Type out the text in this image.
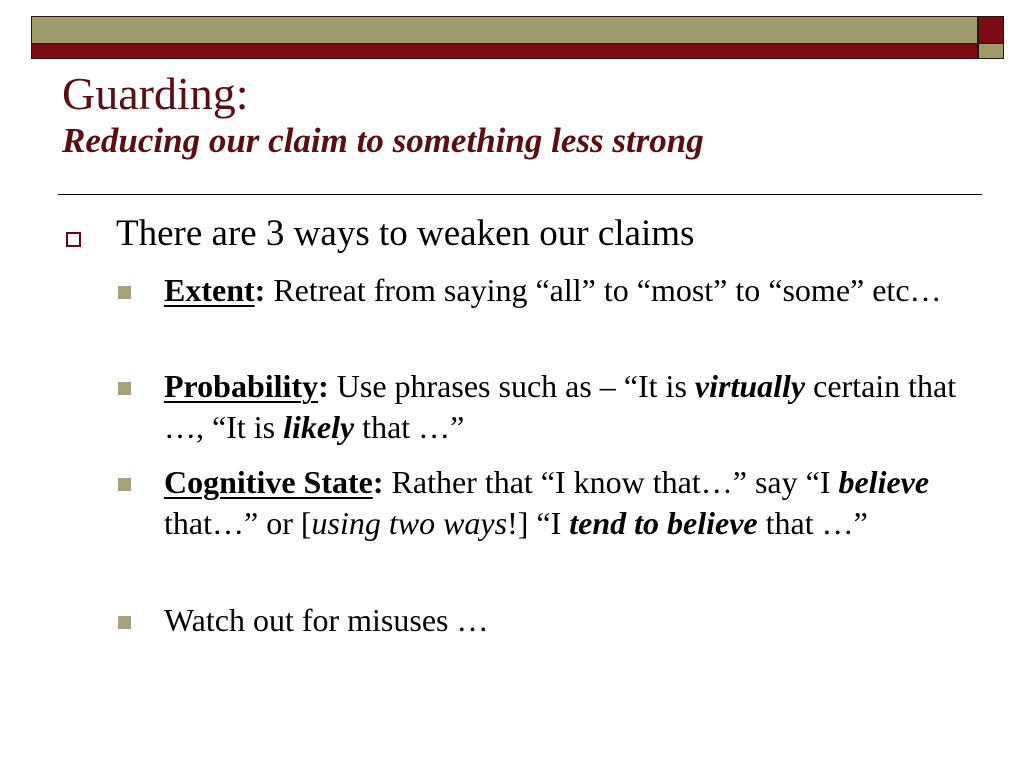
Guarding:
Reducing our claim to something less strong
There are 3 ways to weaken our claims
Extent: Retreat from saying “all” to “most” to “some” etc…
Probability: Use phrases such as – “It is virtually certain that …, “It is likely that …”
Cognitive State: Rather that “I know that…” say “I believe that…” or [using two ways!] “I tend to believe that …”
Watch out for misuses …
